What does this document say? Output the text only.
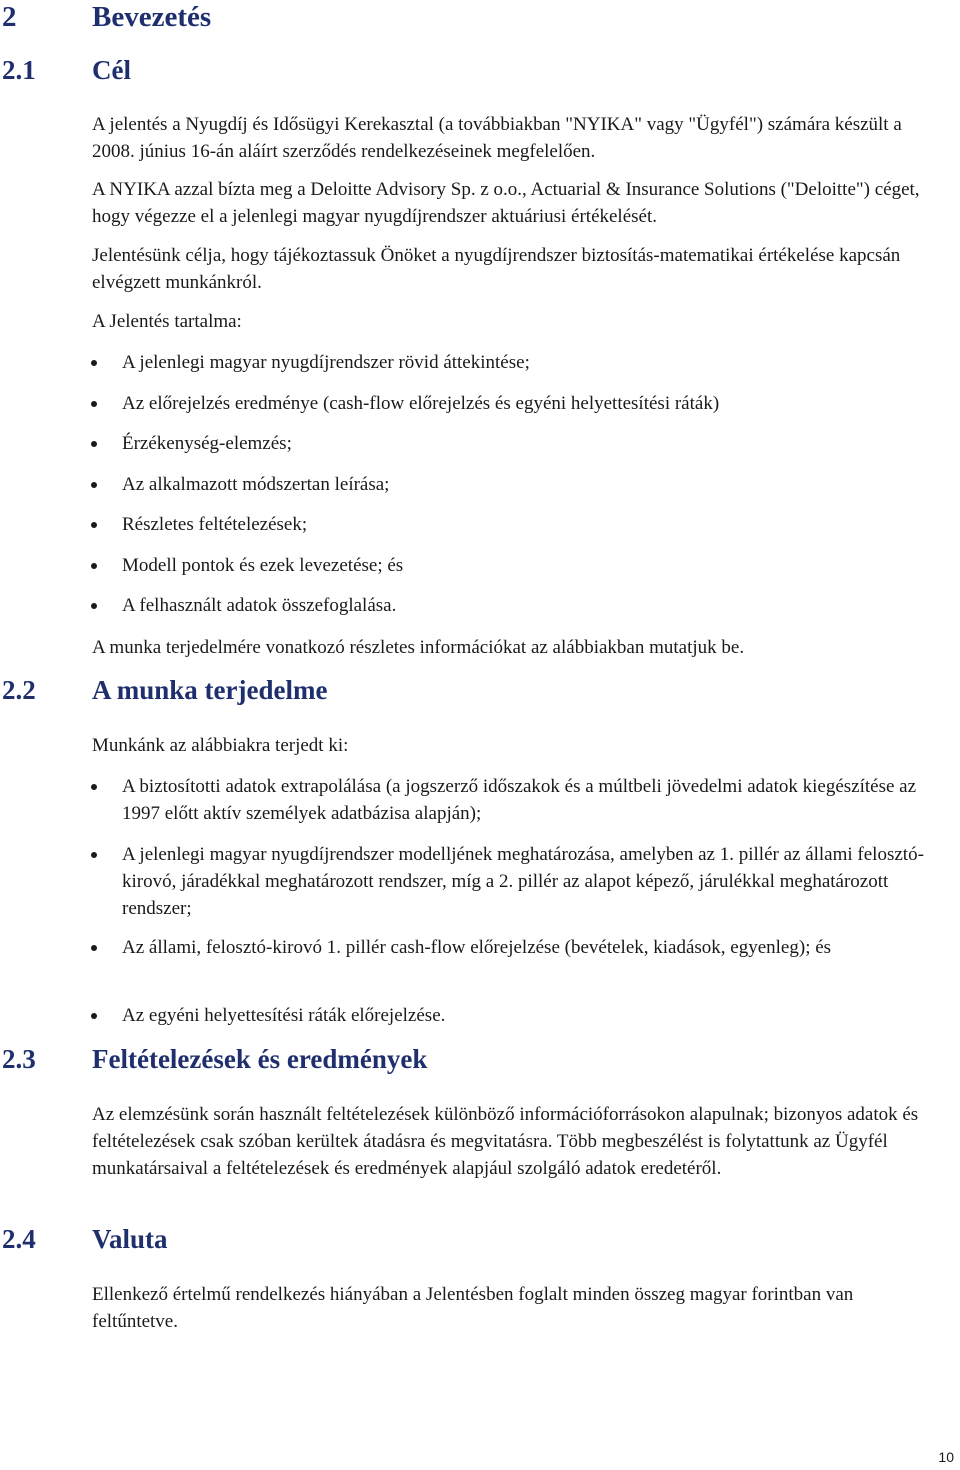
2	Bevezetés
2.1 Cél

A jelentés a Nyugdíj és Idősügyi Kerekasztal (a továbbiakban "NYIKA" vagy "Ügyfél") számára készült a 2008. június 16-án aláírt szerződés rendelkezéseinek megfelelően.

A NYIKA azzal bízta meg a Deloitte Advisory Sp. z o.o., Actuarial & Insurance Solutions ("Deloitte") céget, hogy végezze el a jelenlegi magyar nyugdíjrendszer aktuáriusi értékelését.

Jelentésünk célja, hogy tájékoztassuk Önöket a nyugdíjrendszer biztosítás-matematikai értékelése kapcsán elvégzett munkánkról.

A Jelentés tartalma:

A jelenlegi magyar nyugdíjrendszer rövid áttekintése;
Az előrejelzés eredménye (cash-flow előrejelzés és egyéni helyettesítési ráták)
Érzékenység-elemzés;
Az alkalmazott módszertan leírása;
Részletes feltételezések;
Modell pontok és ezek levezetése; és
A felhasznált adatok összefoglalása.

A munka terjedelmére vonatkozó részletes információkat az alábbiakban mutatjuk be.

2.2 A munka terjedelme

Munkánk az alábbiakra terjedt ki:

A biztosítotti adatok extrapolálása (a jogszerző időszakok és a múltbeli jövedelmi adatok kiegészítése az 1997 előtt aktív személyek adatbázisa alapján);
A jelenlegi magyar nyugdíjrendszer modelljének meghatározása, amelyben az 1. pillér az állami felosztó-kirovó, járadékkal meghatározott rendszer, míg a 2. pillér az alapot képező, járulékkal meghatározott rendszer;
Az állami, felosztó-kirovó 1. pillér cash-flow előrejelzése (bevételek, kiadások, egyenleg); és
Az egyéni helyettesítési ráták előrejelzése.
2.3 Feltételezések és eredmények

Az elemzésünk során használt feltételezések különböző információforrásokon alapulnak; bizonyos adatok és feltételezések csak szóban kerültek átadásra és megvitatásra. Több megbeszélést is folytattunk az Ügyfél munkatársaival a feltételezések és eredmények alapjául szolgáló adatok eredetéről.

2.4 Valuta

Ellenkező értelmű rendelkezés hiányában a Jelentésben foglalt minden összeg magyar forintban van feltűntetve.

10
